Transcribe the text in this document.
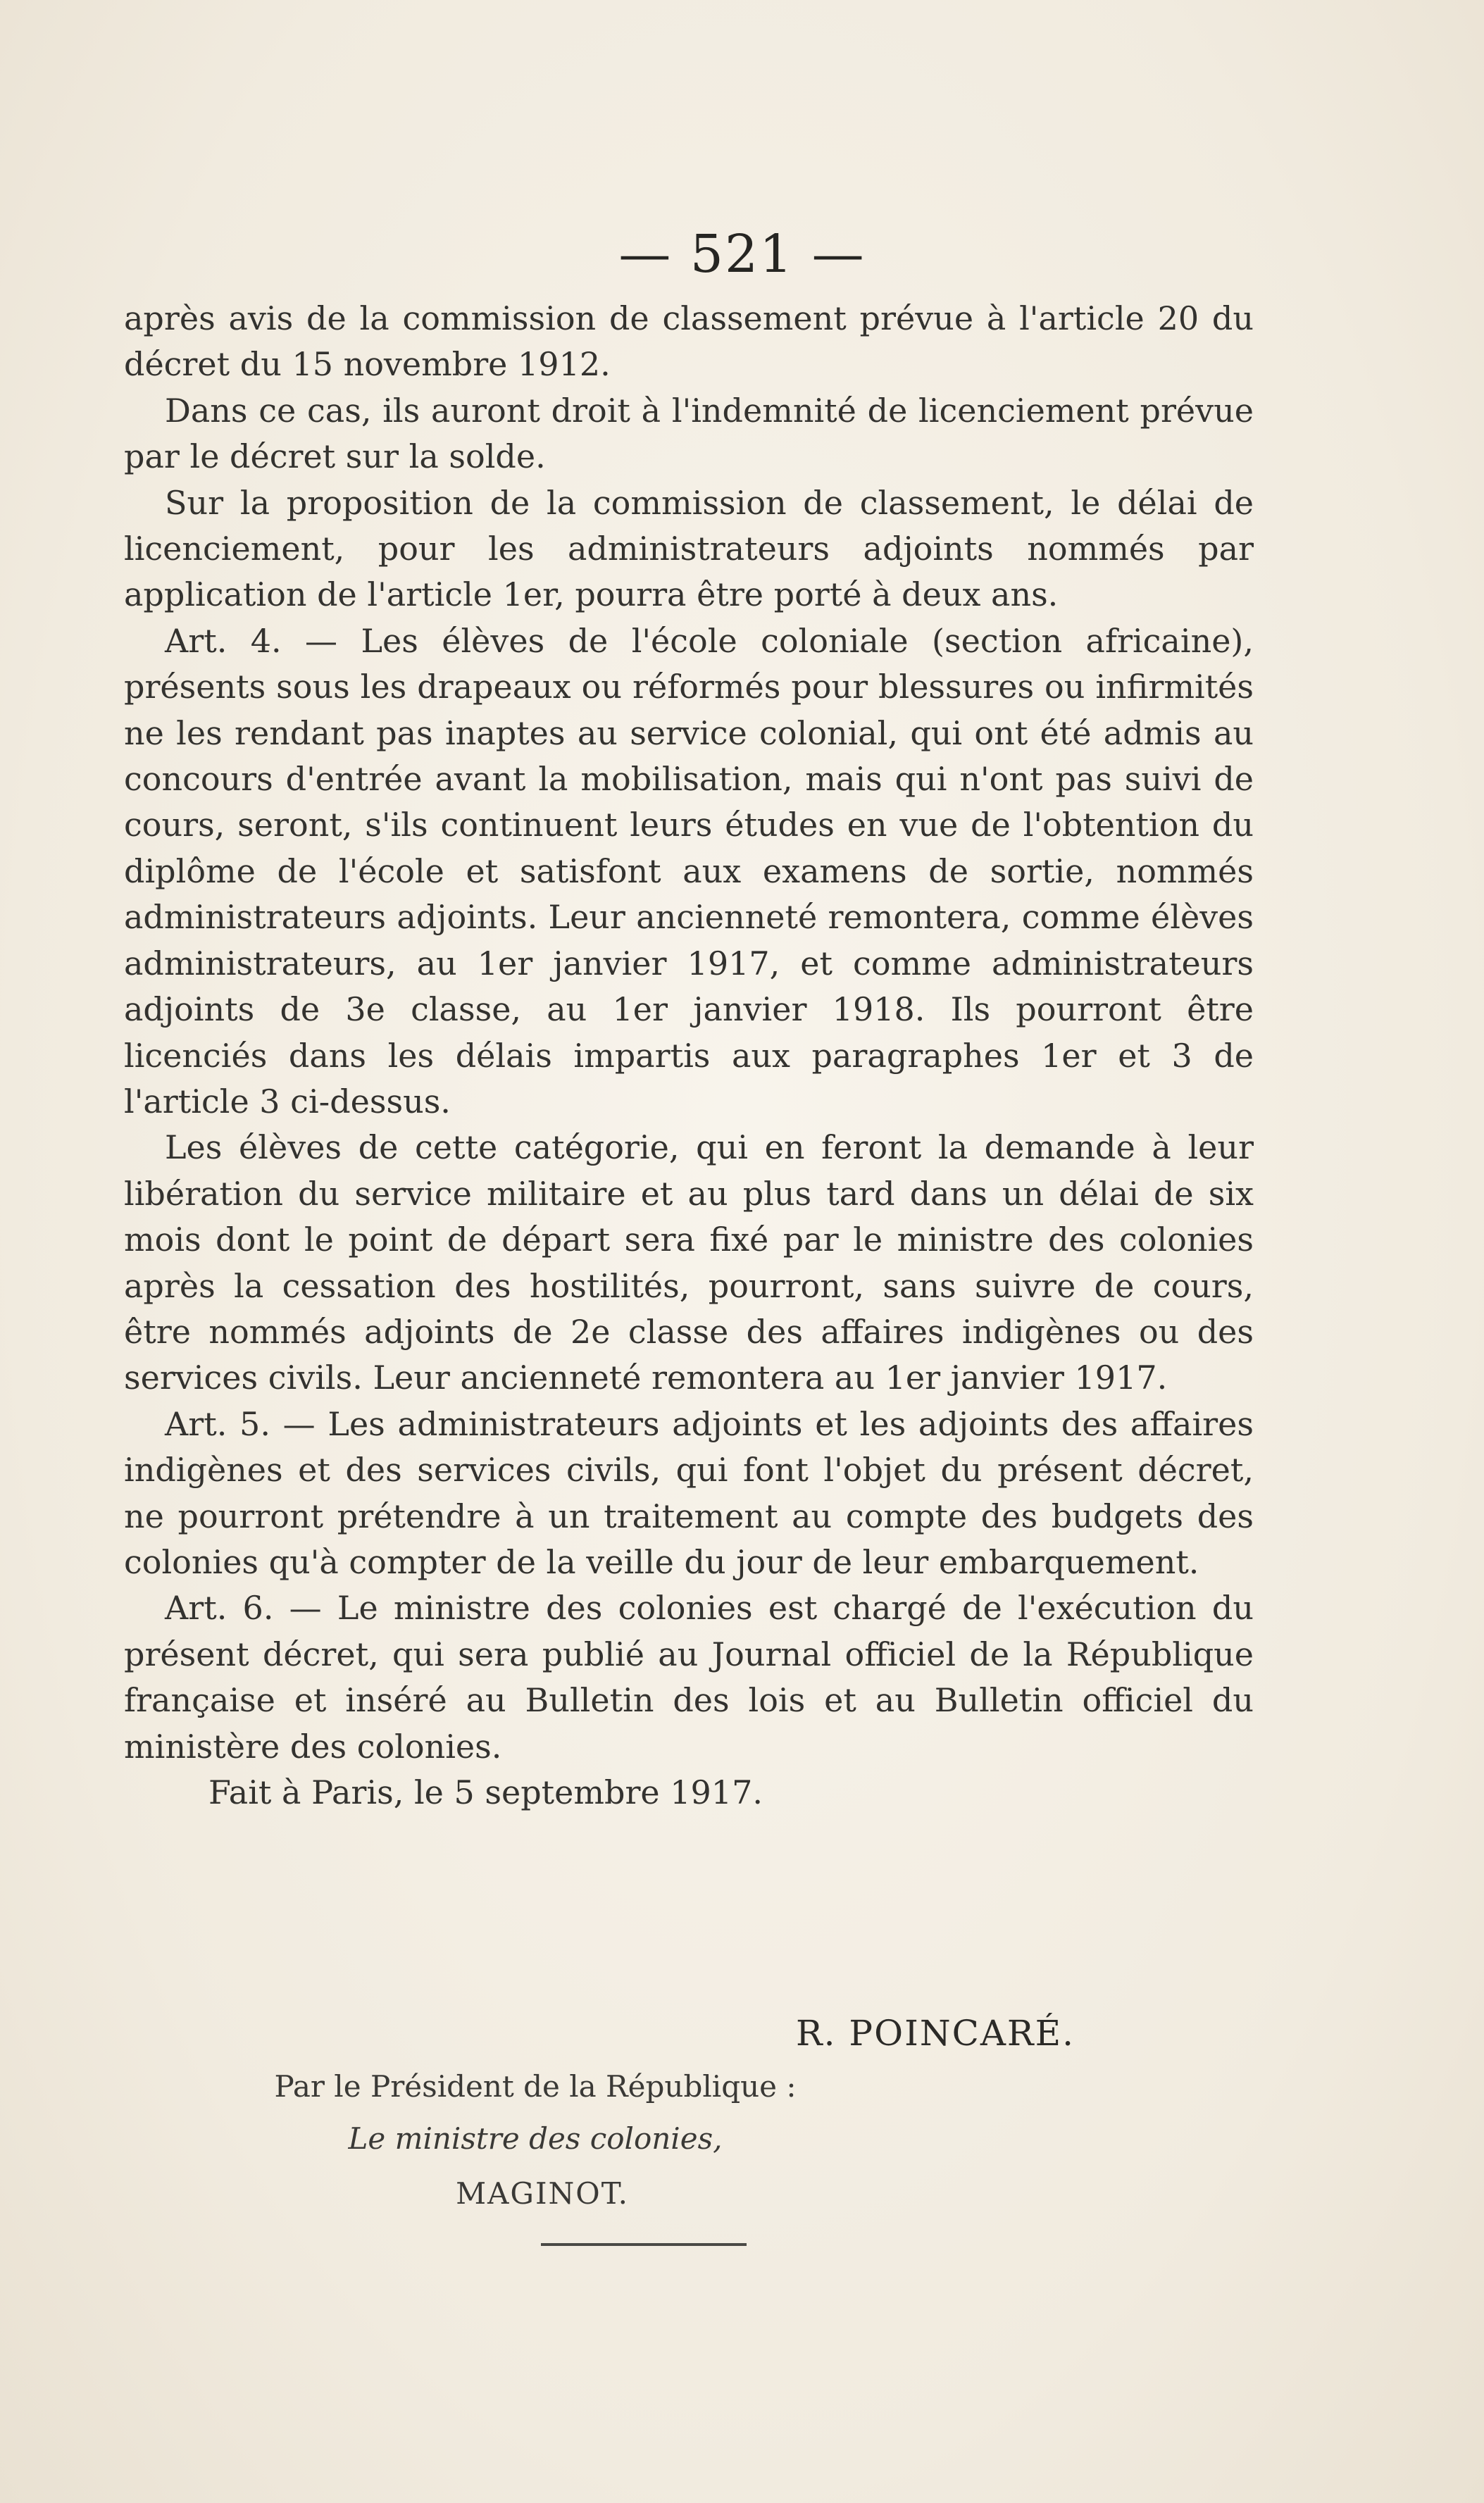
— 521 —

après avis de la commission de classement prévue à l'article 20 du décret du 15 novembre 1912.

Dans ce cas, ils auront droit à l'indemnité de licenciement prévue par le décret sur la solde.

Sur la proposition de la commission de classement, le délai de licenciement, pour les administrateurs adjoints nommés par application de l'article 1er, pourra être porté à deux ans.

Art. 4. — Les élèves de l'école coloniale (section africaine), présents sous les drapeaux ou réformés pour blessures ou infirmités ne les rendant pas inaptes au service colonial, qui ont été admis au concours d'entrée avant la mobilisation, mais qui n'ont pas suivi de cours, seront, s'ils continuent leurs études en vue de l'obtention du diplôme de l'école et satisfont aux examens de sortie, nommés administrateurs adjoints. Leur ancienneté remontera, comme élèves administrateurs, au 1er janvier 1917, et comme administrateurs adjoints de 3e classe, au 1er janvier 1918. Ils pourront être licenciés dans les délais impartis aux paragraphes 1er et 3 de l'article 3 ci-dessus.

Les élèves de cette catégorie, qui en feront la demande à leur libération du service militaire et au plus tard dans un délai de six mois dont le point de départ sera fixé par le ministre des colonies après la cessation des hostilités, pourront, sans suivre de cours, être nommés adjoints de 2e classe des affaires indigènes ou des services civils. Leur ancienneté remontera au 1er janvier 1917.

Art. 5. — Les administrateurs adjoints et les adjoints des affaires indigènes et des services civils, qui font l'objet du présent décret, ne pourront prétendre à un traitement au compte des budgets des colonies qu'à compter de la veille du jour de leur embarquement.

Art. 6. — Le ministre des colonies est chargé de l'exécution du présent décret, qui sera publié au Journal officiel de la République française et inséré au Bulletin des lois et au Bulletin officiel du ministère des colonies.

Fait à Paris, le 5 septembre 1917.

R. POINCARÉ.
Par le Président de la République :
Le ministre des colonies,
MAGINOT.
